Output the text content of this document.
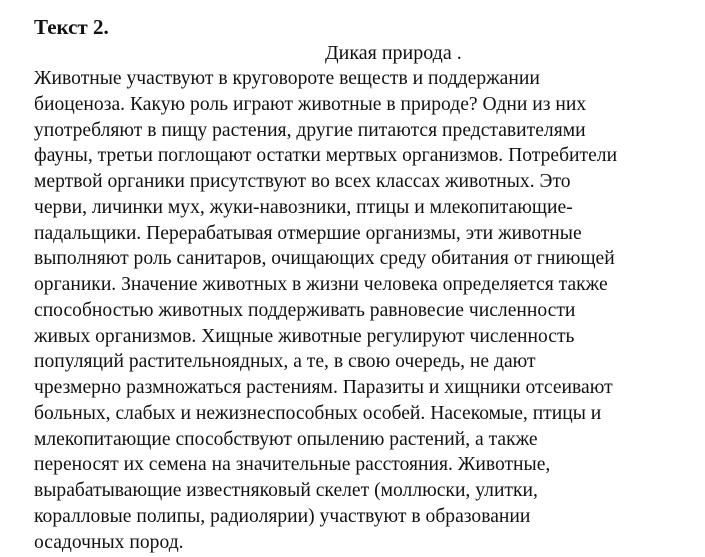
Текст 2.
Дикая природа .
Животные участвуют в круговороте веществ и поддержании
биоценоза. Какую роль играют животные в природе? Одни из них
употребляют в пищу растения, другие питаются представителями
фауны, третьи поглощают остатки мертвых организмов. Потребители
мертвой органики присутствуют во всех классах животных. Это
черви, личинки мух, жуки-навозники, птицы и млекопитающие-
падальщики. Перерабатывая отмершие организмы, эти животные
выполняют роль санитаров, очищающих среду обитания от гниющей
органики. Значение животных в жизни человека определяется также
способностью животных поддерживать равновесие численности
живых организмов. Хищные животные регулируют численность
популяций растительноядных, а те, в свою очередь, не дают
чрезмерно размножаться растениям. Паразиты и хищники отсеивают
больных, слабых и нежизнеспособных особей. Насекомые, птицы и
млекопитающие способствуют опылению растений, а также
переносят их семена на значительные расстояния. Животные,
вырабатывающие известняковый скелет (моллюски, улитки,
коралловые полипы, радиолярии) участвуют в образовании
осадочных пород.
